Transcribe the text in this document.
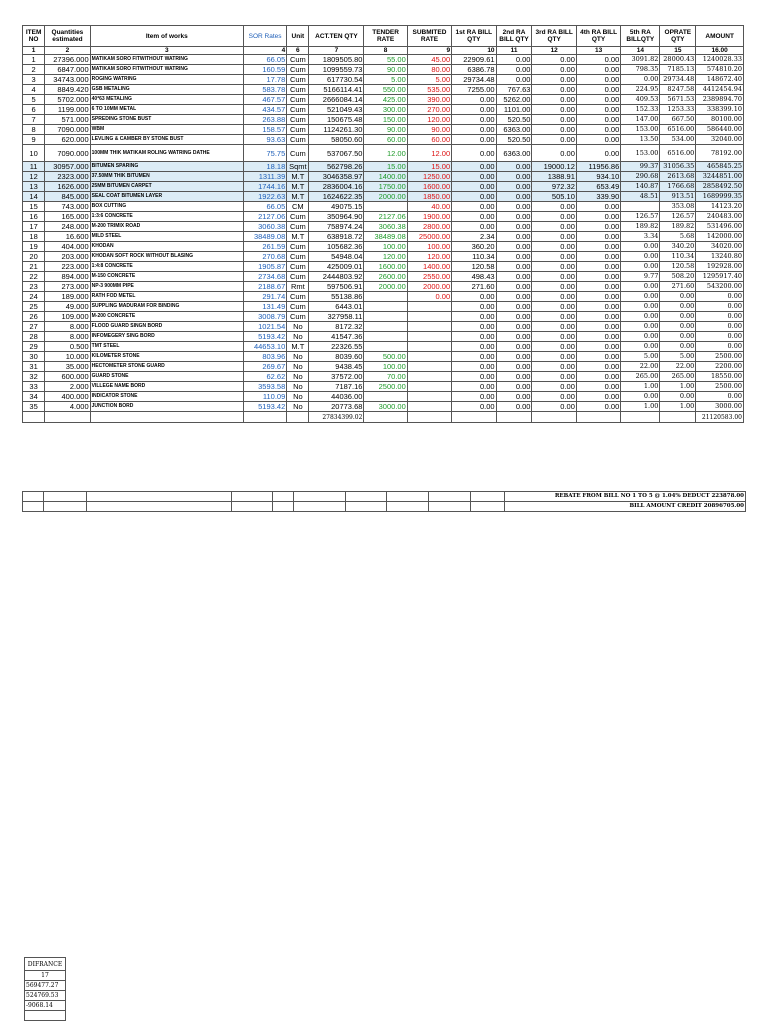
ITEM NO	Quantities estimated	Item of works	SOR Rates	Unit	ACT.TEN QTY	TENDER RATE	SUBMITED RATE	1st RA BILL QTY	2nd RA BILL QTY	3rd RA BILL QTY	4th RA BILL QTY	5th RA BILLQTY	OPRATE QTY	AMOUNT
1	2	3	4	6	7	8	9	10	11	12	13	14	15	16.00
1	27396.000	MATIKAM SORO FITWITHOUT WATRING	66.05	Cum	1809505.80	55.00	45.00	22909.61	0.00	0.00	0.00	3091.82	28000.43	1240028.33
2	6847.000	MATIKAM SORO FITWITHOUT WATRING	160.59	Cum	1099559.73	90.00	80.00	6386.78	0.00	0.00	0.00	798.35	7185.13	574810.20
3	34743.000	ROGING WATRING	17.78	Cum	617730.54	5.00	5.00	29734.48	0.00	0.00	0.00	0.00	29734.48	148672.40
4	8849.420	GSB METALING	583.78	Cum	5166114.41	550.00	535.00	7255.00	767.63	0.00	0.00	224.95	8247.58	4412454.94
5	5702.000	40*63 METALING	467.57	Cum	2666084.14	425.00	390.00	0.00	5262.00	0.00	0.00	409.53	5671.53	2389894.70
6	1199.000	6 TO 10MM METAL	434.57	Cum	521049.43	300.00	270.00	0.00	1101.00	0.00	0.00	152.33	1253.33	338399.10
7	571.000	SPREDING STONE BUST	263.88	Cum	150675.48	150.00	120.00	0.00	520.50	0.00	0.00	147.00	667.50	80100.00
8	7090.000	WBM	158.57	Cum	1124261.30	90.00	90.00	0.00	6363.00	0.00	0.00	153.00	6516.00	586440.00
9	620.000	LEVLING & CAMBER BY STONE BUST	93.63	Cum	58050.60	60.00	60.00	0.00	520.50	0.00	0.00	13.50	534.00	32040.00
10	7090.000	100MM THIK MATIKAM ROLING WATRING DATHE	75.75	Cum	537067.50	12.00	12.00	0.00	6363.00	0.00	0.00	153.00	6516.00	78192.00
11	30957.000	BITUMEN SPARING	18.18	Sqmt	562798.26	15.00	15.00	0.00	0.00	19000.12	11956.86	99.37	31056.35	465845.25
12	2323.000	37.50MM THIK BITUMEN	1311.39	M.T	3046358.97	1400.00	1250.00	0.00	0.00	1388.91	934.10	290.68	2613.68	3244851.00
13	1626.000	25MM BITUMEN CARPET	1744.16	M.T	2836004.16	1750.00	1600.00	0.00	0.00	972.32	653.49	140.87	1766.68	2858492.50
14	845.000	SEAL COAT BITUMEN LAYER	1922.63	M.T	1624622.35	2000.00	1850.00	0.00	0.00	505.10	339.90	48.51	913.51	1689999.35
15	743.000	BOX CUTTING	66.05	CM	49075.15		40.00	0.00	0.00	0.00	0.00		353.08	14123.20
16	165.000	1:3:6 CONCRETE	2127.06	Cum	350964.90	2127.06	1900.00	0.00	0.00	0.00	0.00	126.57	126.57	240483.00
17	248.000	M-200 TRIMIX ROAD	3060.38	Cum	758974.24	3060.38	2800.00	0.00	0.00	0.00	0.00	189.82	189.82	531496.00
18	16.600	MILD STEEL	38489.08	M.T	638918.72	38489.08	25000.00	2.34	0.00	0.00	0.00	3.34	5.68	142000.00
19	404.000	KHODAN	261.59	Cum	105682.36	100.00	100.00	360.20	0.00	0.00	0.00	0.00	340.20	34020.00
20	203.000	KHODAN SOFT ROCK WITHOUT BLASING	270.68	Cum	54948.04	120.00	120.00	110.34	0.00	0.00	0.00	0.00	110.34	13240.80
21	223.000	1:4:8 CONCRETE	1905.87	Cum	425009.01	1600.00	1400.00	120.58	0.00	0.00	0.00	0.00	120.58	192928.00
22	894.000	M-150 CONCRETE	2734.68	Cum	2444803.92	2600.00	2550.00	498.43	0.00	0.00	0.00	9.77	508.20	1295917.40
23	273.000	NP-3 900MM PIPE	2188.67	Rmt	597506.91	2000.00	2000.00	271.60	0.00	0.00	0.00	0.00	271.60	543200.00
24	189.000	RATH FOD METEL	291.74	Cum	55138.86		0.00	0.00	0.00	0.00	0.00	0.00	0.00	0.00
25	49.000	SUPPLING MADURAM FOR BINDING	131.49	Cum	6443.01			0.00	0.00	0.00	0.00	0.00	0.00	0.00
26	109.000	M-200 CONCRETE	3008.79	Cum	327958.11			0.00	0.00	0.00	0.00	0.00	0.00	0.00
27	8.000	FLOOD GUARD SINGN BORD	1021.54	No	8172.32			0.00	0.00	0.00	0.00	0.00	0.00	0.00
28	8.000	INFOMEGERY SING BORD	5193.42	No	41547.36			0.00	0.00	0.00	0.00	0.00	0.00	0.00
29	0.500	TMT STEEL	44653.10	M.T	22326.55			0.00	0.00	0.00	0.00	0.00	0.00	0.00
30	10.000	KILOMETER STONE	803.96	No	8039.60	500.00		0.00	0.00	0.00	0.00	5.00	5.00	2500.00
31	35.000	HECTOMETER STONE GUARD	269.67	No	9438.45	100.00		0.00	0.00	0.00	0.00	22.00	22.00	2200.00
32	600.000	GUARD STONE	62.62	No	37572.00	70.00		0.00	0.00	0.00	0.00	265.00	265.00	18550.00
33	2.000	VILLEGE NAME BORD	3593.58	No	7187.16	2500.00		0.00	0.00	0.00	0.00	1.00	1.00	2500.00
34	400.000	INDICATOR STONE	110.09	No	44036.00			0.00	0.00	0.00	0.00	0.00	0.00	0.00
35	4.000	JUNCTION BORD	5193.42	No	20773.68	3000.00		0.00	0.00	0.00	0.00	1.00	1.00	3000.00
					27834399.02									21120583.00
										REBATE FROM BILL NO 1 TO 5 @ 1.04% DEDUCT 223878.00
										BILL AMOUNT CREDIT 20896705.00
DIFRANCE
17
569477.27
524769.53
-9068.14
